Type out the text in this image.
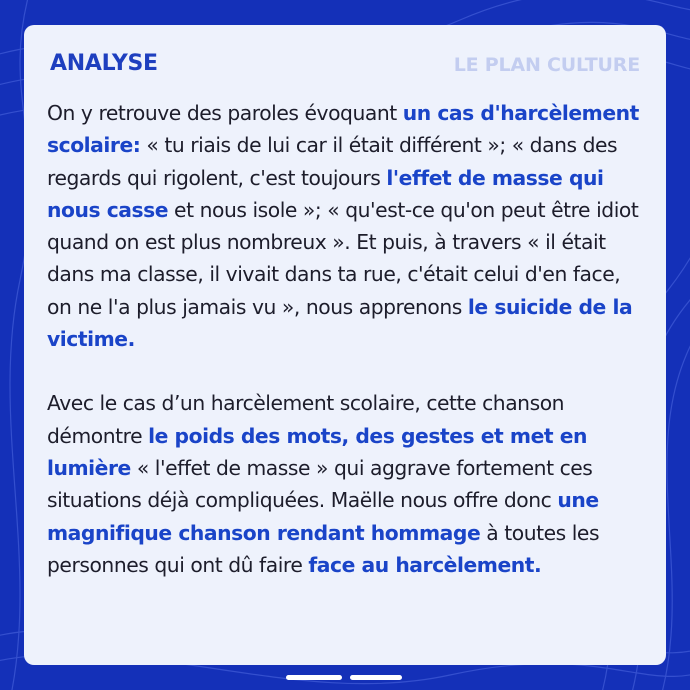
ANALYSE	LE PLAN CULTURE

On y retrouve des paroles évoquant un cas d'harcèlement scolaire: « tu riais de lui car il était différent »; « dans des regards qui rigolent, c'est toujours l'effet de masse qui nous casse et nous isole »; « qu'est-ce qu'on peut être idiot quand on est plus nombreux ». Et puis, à travers « il était dans ma classe, il vivait dans ta rue, c'était celui d'en face, on ne l'a plus jamais vu », nous apprenons le suicide de la victime.

Avec le cas d’un harcèlement scolaire, cette chanson démontre le poids des mots, des gestes et met en lumière « l'effet de masse » qui aggrave fortement ces situations déjà compliquées. Maëlle nous offre donc une magnifique chanson rendant hommage à toutes les personnes qui ont dû faire face au harcèlement.
